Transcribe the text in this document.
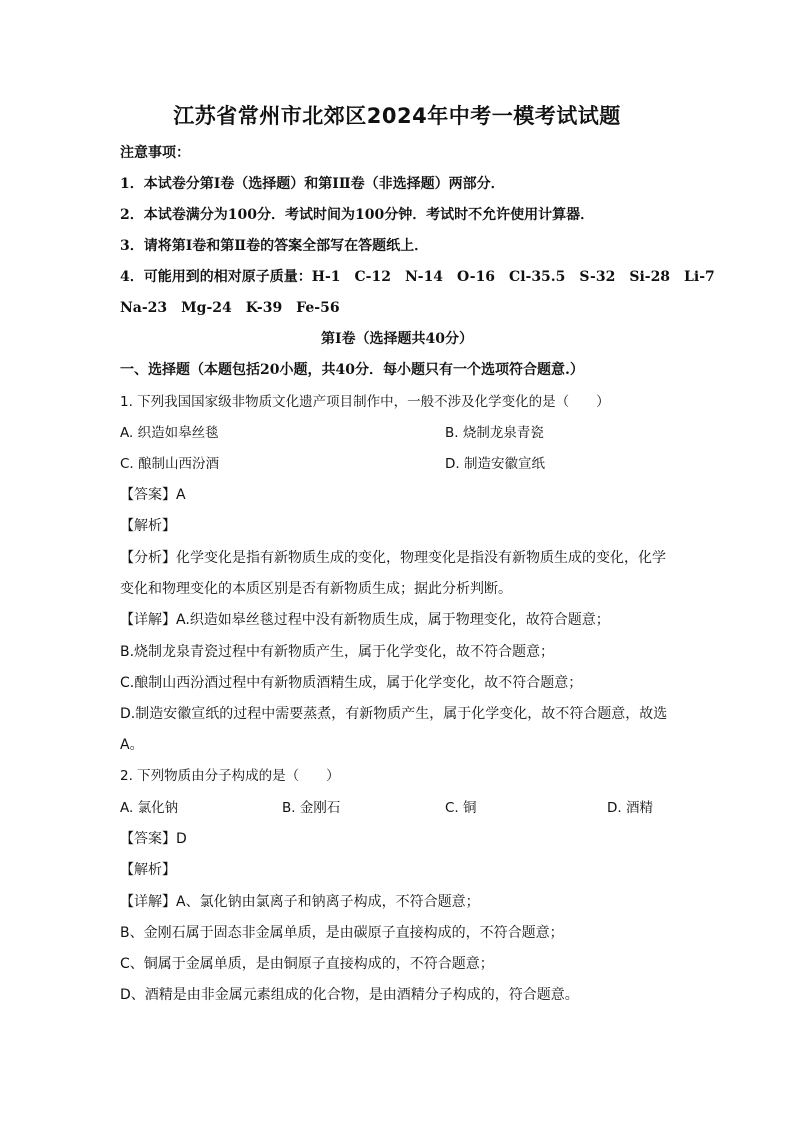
江苏省常州市北郊区2024年中考一模考试试题
注意事项：
1．本试卷分第Ⅰ卷（选择题）和第ⅠⅡ卷（非选择题）两部分．
2．本试卷满分为100分．考试时间为100分钟．考试时不允许使用计算器．
3．请将第Ⅰ卷和第Ⅱ卷的答案全部写在答题纸上．
4．可能用到的相对原子质量：H-1　C-12　N-14　O-16　Cl-35.5　S-32　Si-28　Li-7
Na-23　Mg-24　K-39　Fe-56
第Ⅰ卷（选择题共40分）
一、选择题（本题包括20小题，共40分．每小题只有一个选项符合题意.）
1. 下列我国国家级非物质文化遗产项目制作中，一般不涉及化学变化的是（　　）
A. 织造如皋丝毯	B. 烧制龙泉青瓷
C. 酿制山西汾酒	D. 制造安徽宣纸
【答案】A
【解析】
【分析】化学变化是指有新物质生成的变化，物理变化是指没有新物质生成的变化，化学
变化和物理变化的本质区别是否有新物质生成；据此分析判断。
【详解】A.织造如皋丝毯过程中没有新物质生成，属于物理变化，故符合题意；
B.烧制龙泉青瓷过程中有新物质产生，属于化学变化，故不符合题意；
C.酿制山西汾酒过程中有新物质酒精生成，属于化学变化，故不符合题意；
D.制造安徽宣纸的过程中需要蒸煮，有新物质产生，属于化学变化，故不符合题意，故选
A。
2. 下列物质由分子构成的是（　　）
A. 氯化钠	B. 金刚石	C. 铜	D. 酒精
【答案】D
【解析】
【详解】A、氯化钠由氯离子和钠离子构成，不符合题意；
B、金刚石属于固态非金属单质，是由碳原子直接构成的，不符合题意；
C、铜属于金属单质，是由铜原子直接构成的，不符合题意；
D、酒精是由非金属元素组成的化合物，是由酒精分子构成的，符合题意。
